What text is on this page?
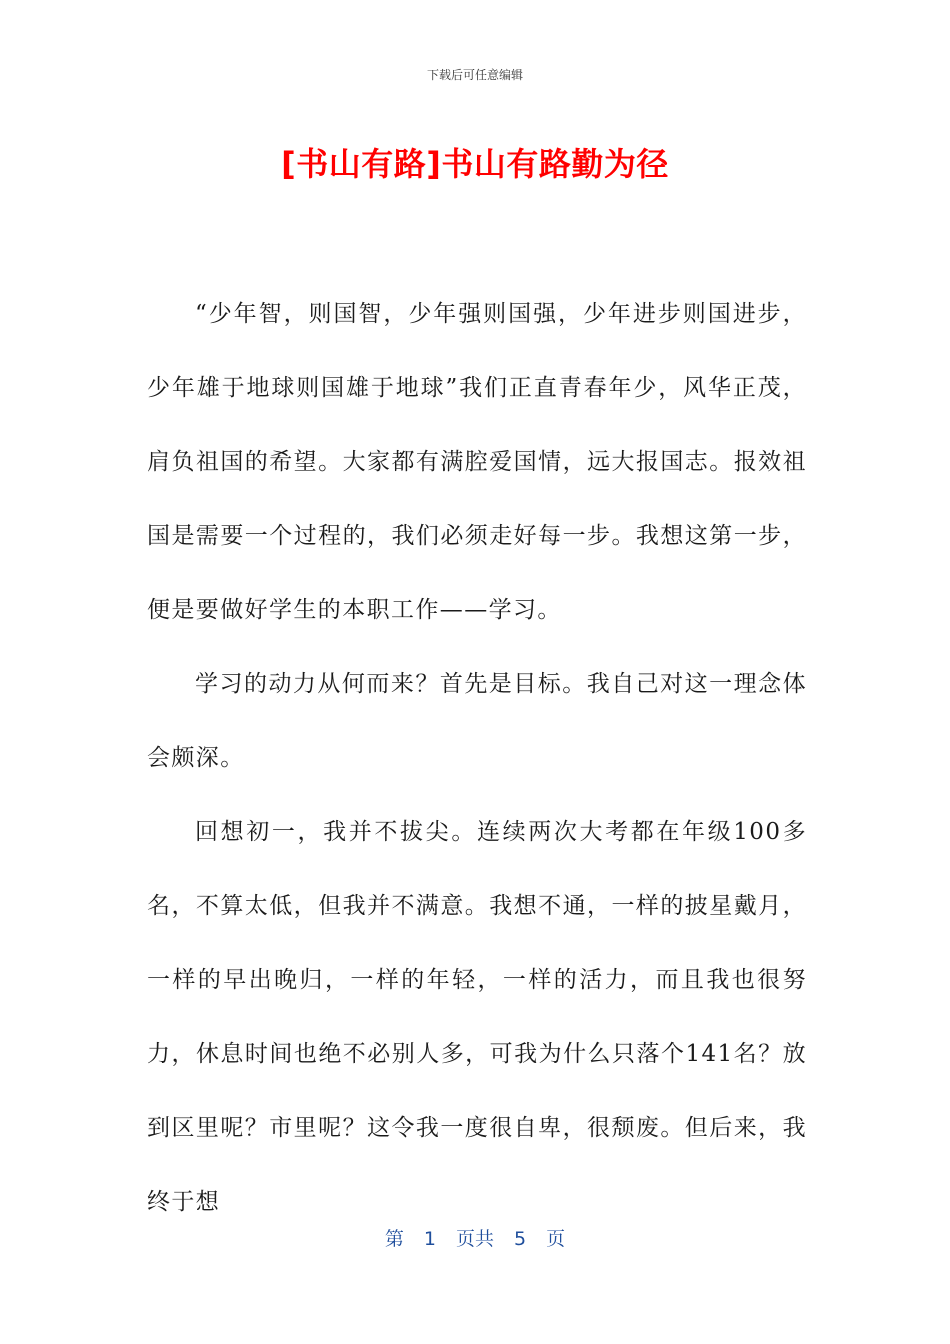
下载后可任意编辑
[书山有路]书山有路勤为径

“少年智，则国智，少年强则国强，少年进步则国进步，少年雄于地球则国雄于地球”我们正直青春年少，风华正茂，肩负祖国的希望。大家都有满腔爱国情，远大报国志。报效祖国是需要一个过程的，我们必须走好每一步。我想这第一步，便是要做好学生的本职工作——学习。

学习的动力从何而来？首先是目标。我自己对这一理念体会颇深。

回想初一，我并不拔尖。连续两次大考都在年级100多名，不算太低，但我并不满意。我想不通，一样的披星戴月，一样的早出晚归，一样的年轻，一样的活力，而且我也很努力，休息时间也绝不必别人多，可我为什么只落个141名？放到区里呢？市里呢？这令我一度很自卑，很颓废。但后来，我终于想

第 1 页共 5 页
